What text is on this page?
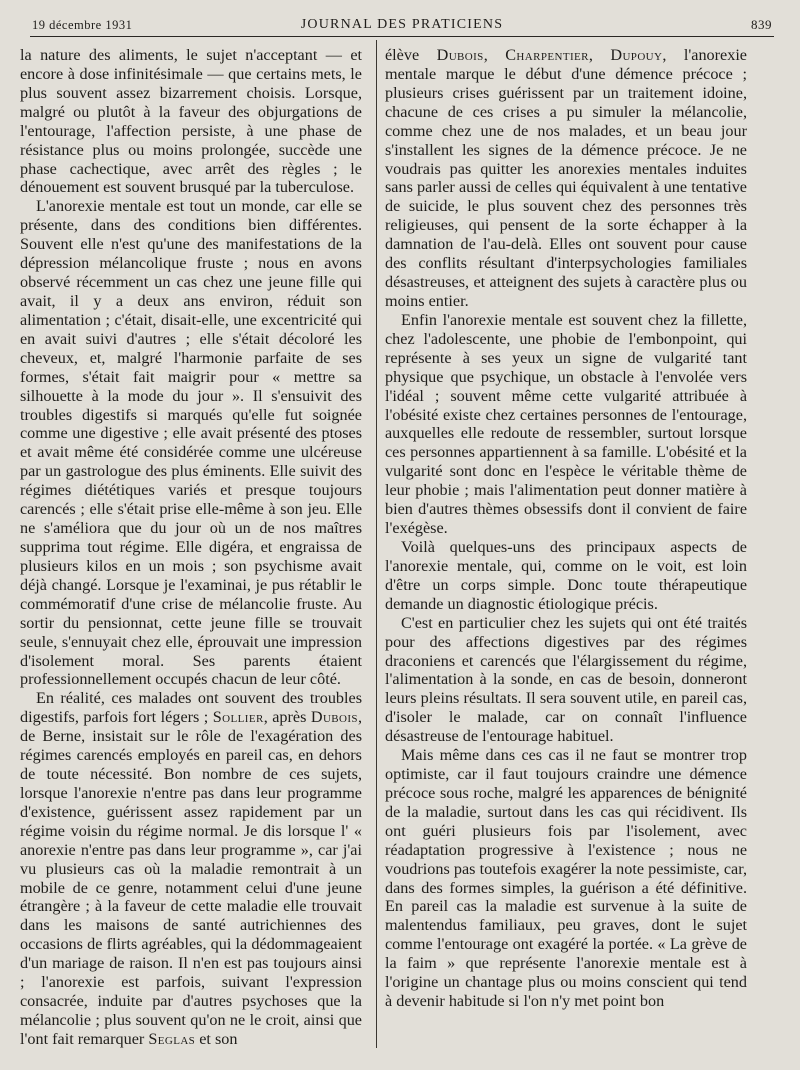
19 décembre 1931	JOURNAL DES PRATICIENS	839

la nature des aliments, le sujet n'acceptant — et encore à dose infinitésimale — que certains mets, le plus souvent assez bizarrement choisis. Lorsque, malgré ou plutôt à la faveur des objurgations de l'entourage, l'affection persiste, à une phase de résistance plus ou moins prolongée, succède une phase cachectique, avec arrêt des règles ; le dénouement est souvent brusqué par la tuberculose.

L'anorexie mentale est tout un monde, car elle se présente, dans des conditions bien différentes. Souvent elle n'est qu'une des manifestations de la dépression mélancolique fruste ; nous en avons observé récemment un cas chez une jeune fille qui avait, il y a deux ans environ, réduit son alimentation ; c'était, disait-elle, une excentricité qui en avait suivi d'autres ; elle s'était décoloré les cheveux, et, malgré l'harmonie parfaite de ses formes, s'était fait maigrir pour « mettre sa silhouette à la mode du jour ». Il s'ensuivit des troubles digestifs si marqués qu'elle fut soignée comme une digestive ; elle avait présenté des ptoses et avait même été considérée comme une ulcéreuse par un gastrologue des plus éminents. Elle suivit des régimes diététiques variés et presque toujours carencés ; elle s'était prise elle-même à son jeu. Elle ne s'améliora que du jour où un de nos maîtres supprima tout régime. Elle digéra, et engraissa de plusieurs kilos en un mois ; son psychisme avait déjà changé. Lorsque je l'examinai, je pus rétablir le commémoratif d'une crise de mélancolie fruste. Au sortir du pensionnat, cette jeune fille se trouvait seule, s'ennuyait chez elle, éprouvait une impression d'isolement moral. Ses parents étaient professionnellement occupés chacun de leur côté.

En réalité, ces malades ont souvent des troubles digestifs, parfois fort légers ; Sollier, après Dubois, de Berne, insistait sur le rôle de l'exagération des régimes carencés employés en pareil cas, en dehors de toute nécessité. Bon nombre de ces sujets, lorsque l'anorexie n'entre pas dans leur programme d'existence, guérissent assez rapidement par un régime voisin du régime normal. Je dis lorsque l' « anorexie n'entre pas dans leur programme », car j'ai vu plusieurs cas où la maladie remontrait à un mobile de ce genre, notamment celui d'une jeune étrangère ; à la faveur de cette maladie elle trouvait dans les maisons de santé autrichiennes des occasions de flirts agréables, qui la dédommageaient d'un mariage de raison. Il n'en est pas toujours ainsi ; l'anorexie est parfois, suivant l'expression consacrée, induite par d'autres psychoses que la mélancolie ; plus souvent qu'on ne le croit, ainsi que l'ont fait remarquer Seglas et son

élève Dubois, Charpentier, Dupouy, l'anorexie mentale marque le début d'une démence précoce ; plusieurs crises guérissent par un traitement idoine, chacune de ces crises a pu simuler la mélancolie, comme chez une de nos malades, et un beau jour s'installent les signes de la démence précoce. Je ne voudrais pas quitter les anorexies mentales induites sans parler aussi de celles qui équivalent à une tentative de suicide, le plus souvent chez des personnes très religieuses, qui pensent de la sorte échapper à la damnation de l'au-delà. Elles ont souvent pour cause des conflits résultant d'interpsychologies familiales désastreuses, et atteignent des sujets à caractère plus ou moins entier.

Enfin l'anorexie mentale est souvent chez la fillette, chez l'adolescente, une phobie de l'embonpoint, qui représente à ses yeux un signe de vulgarité tant physique que psychique, un obstacle à l'envolée vers l'idéal ; souvent même cette vulgarité attribuée à l'obésité existe chez certaines personnes de l'entourage, auxquelles elle redoute de ressembler, surtout lorsque ces personnes appartiennent à sa famille. L'obésité et la vulgarité sont donc en l'espèce le véritable thème de leur phobie ; mais l'alimentation peut donner matière à bien d'autres thèmes obsessifs dont il convient de faire l'exégèse.

Voilà quelques-uns des principaux aspects de l'anorexie mentale, qui, comme on le voit, est loin d'être un corps simple. Donc toute thérapeutique demande un diagnostic étiologique précis.

C'est en particulier chez les sujets qui ont été traités pour des affections digestives par des régimes draconiens et carencés que l'élargissement du régime, l'alimentation à la sonde, en cas de besoin, donneront leurs pleins résultats. Il sera souvent utile, en pareil cas, d'isoler le malade, car on connaît l'influence désastreuse de l'entourage habituel.

Mais même dans ces cas il ne faut se montrer trop optimiste, car il faut toujours craindre une démence précoce sous roche, malgré les apparences de bénignité de la maladie, surtout dans les cas qui récidivent. Ils ont guéri plusieurs fois par l'isolement, avec réadaptation progressive à l'existence ; nous ne voudrions pas toutefois exagérer la note pessimiste, car, dans des formes simples, la guérison a été définitive. En pareil cas la maladie est survenue à la suite de malentendus familiaux, peu graves, dont le sujet comme l'entourage ont exagéré la portée. « La grève de la faim » que représente l'anorexie mentale est à l'origine un chantage plus ou moins conscient qui tend à devenir habitude si l'on n'y met point bon
